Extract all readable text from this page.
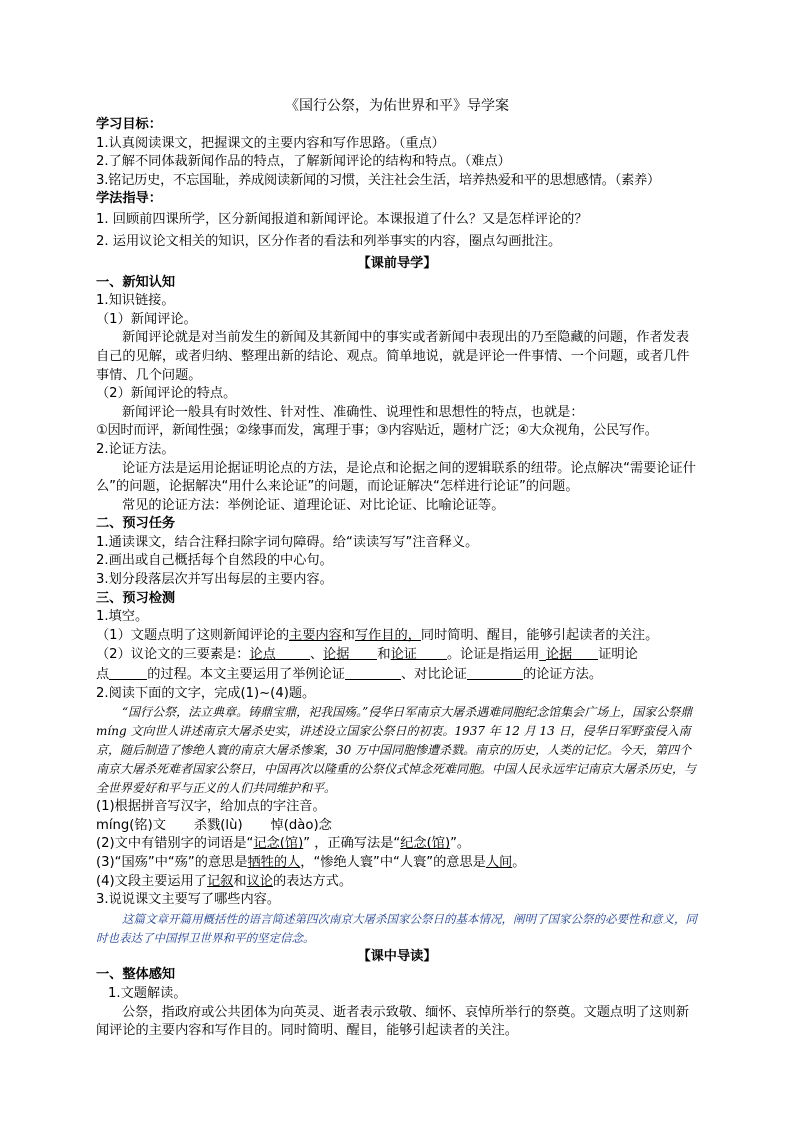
《国行公祭，为佑世界和平》导学案
学习目标：
1.认真阅读课文，把握课文的主要内容和写作思路。（重点）
2.了解不同体裁新闻作品的特点，了解新闻评论的结构和特点。（难点）
3.铭记历史，不忘国耻，养成阅读新闻的习惯，关注社会生活，培养热爱和平的思想感情。（素养）
学法指导：
1. 回顾前四课所学，区分新闻报道和新闻评论。本课报道了什么？又是怎样评论的？
2. 运用议论文相关的知识，区分作者的看法和列举事实的内容，圈点勾画批注。
【课前导学】
一、新知认知
1.知识链接。
（1）新闻评论。
新闻评论就是对当前发生的新闻及其新闻中的事实或者新闻中表现出的乃至隐藏的问题，作者发表自己的见解，或者归纳、整理出新的结论、观点。简单地说，就是评论一件事情、一个问题，或者几件事情、几个问题。
（2）新闻评论的特点。
新闻评论一般具有时效性、针对性、准确性、说理性和思想性的特点，也就是：
①因时而评，新闻性强；②缘事而发，寓理于事；③内容贴近，题材广泛；④大众视角，公民写作。
2.论证方法。
论证方法是运用论据证明论点的方法，是论点和论据之间的逻辑联系的纽带。论点解决“需要论证什么”的问题，论据解决“用什么来论证”的问题，而论证解决“怎样进行论证”的问题。
常见的论证方法：举例论证、道理论证、对比论证、比喻论证等。
二、预习任务
1.通读课文，结合注释扫除字词句障碍。给“读读写写”注音释义。
2.画出或自己概括每个自然段的中心句。
3.划分段落层次并写出每层的主要内容。
三、预习检测
1.填空。
（1）文题点明了这则新闻评论的主要内容和写作目的，同时简明、醒目，能够引起读者的关注。
（2）议论文的三要素是：论点	、论据 和论证 。论证是指运用_论据 证明论
点	的过程。本文主要运用了举例论证	、对比论证	的论证方法。
2.阅读下面的文字，完成(1)~(4)题。
“国行公祭，法立典章。铸鼎宝鼎，祀我国殇。”侵华日军南京大屠杀遇难同胞纪念馆集会广场上，国家公祭鼎 míng 文向世人讲述南京大屠杀史实，讲述设立国家公祭日的初衷。1937 年 12 月 13 日，侵华日军野蛮侵入南京，随后制造了惨绝人寰的南京大屠杀惨案，30 万中国同胞惨遭杀戮。南京的历史，人类的记忆。今天，第四个南京大屠杀死难者国家公祭日，中国再次以隆重的公祭仪式悼念死难同胞。中国人民永远牢记南京大屠杀历史，与全世界爱好和平与正义的人们共同维护和平。
(1)根据拼音写汉字，给加点的字注音。
míng(铭)文 杀戮(lù) 悼(dào)念
(2)文中有错别字的词语是“记念(馆)” ，正确写法是“纪念(馆)”。
(3)“国殇”中“殇”的意思是牺牲的人，“惨绝人寰”中“人寰”的意思是人间。
(4)文段主要运用了记叙和议论的表达方式。
3.说说课文主要写了哪些内容。
这篇文章开篇用概括性的语言简述第四次南京大屠杀国家公祭日的基本情况，阐明了国家公祭的必要性和意义，同时也表达了中国捍卫世界和平的坚定信念。
【课中导读】
一、整体感知
1.文题解读。
公祭，指政府或公共团体为向英灵、逝者表示致敬、缅怀、哀悼所举行的祭奠。文题点明了这则新闻评论的主要内容和写作目的。同时简明、醒目，能够引起读者的关注。
